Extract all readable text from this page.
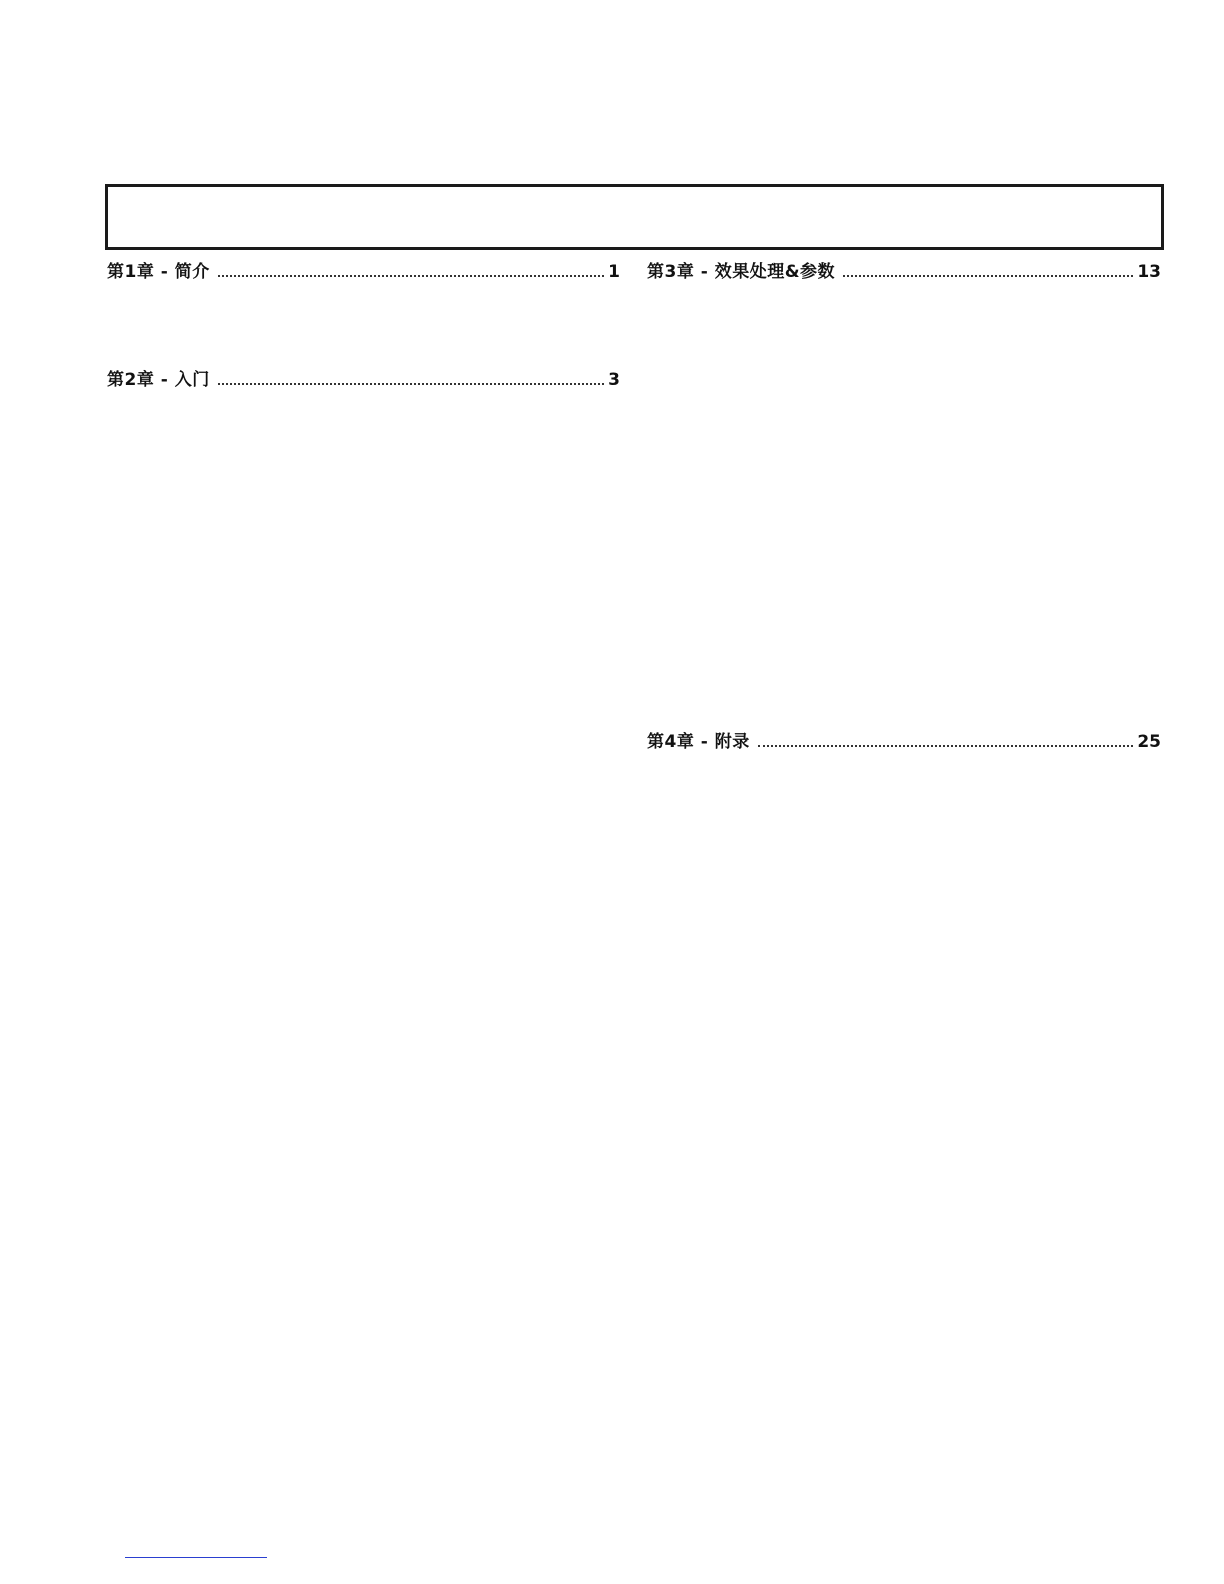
第1章 - 简介	1
第2章 - 入门	3
第3章 - 效果处理&参数	13
第4章 - 附录	25
